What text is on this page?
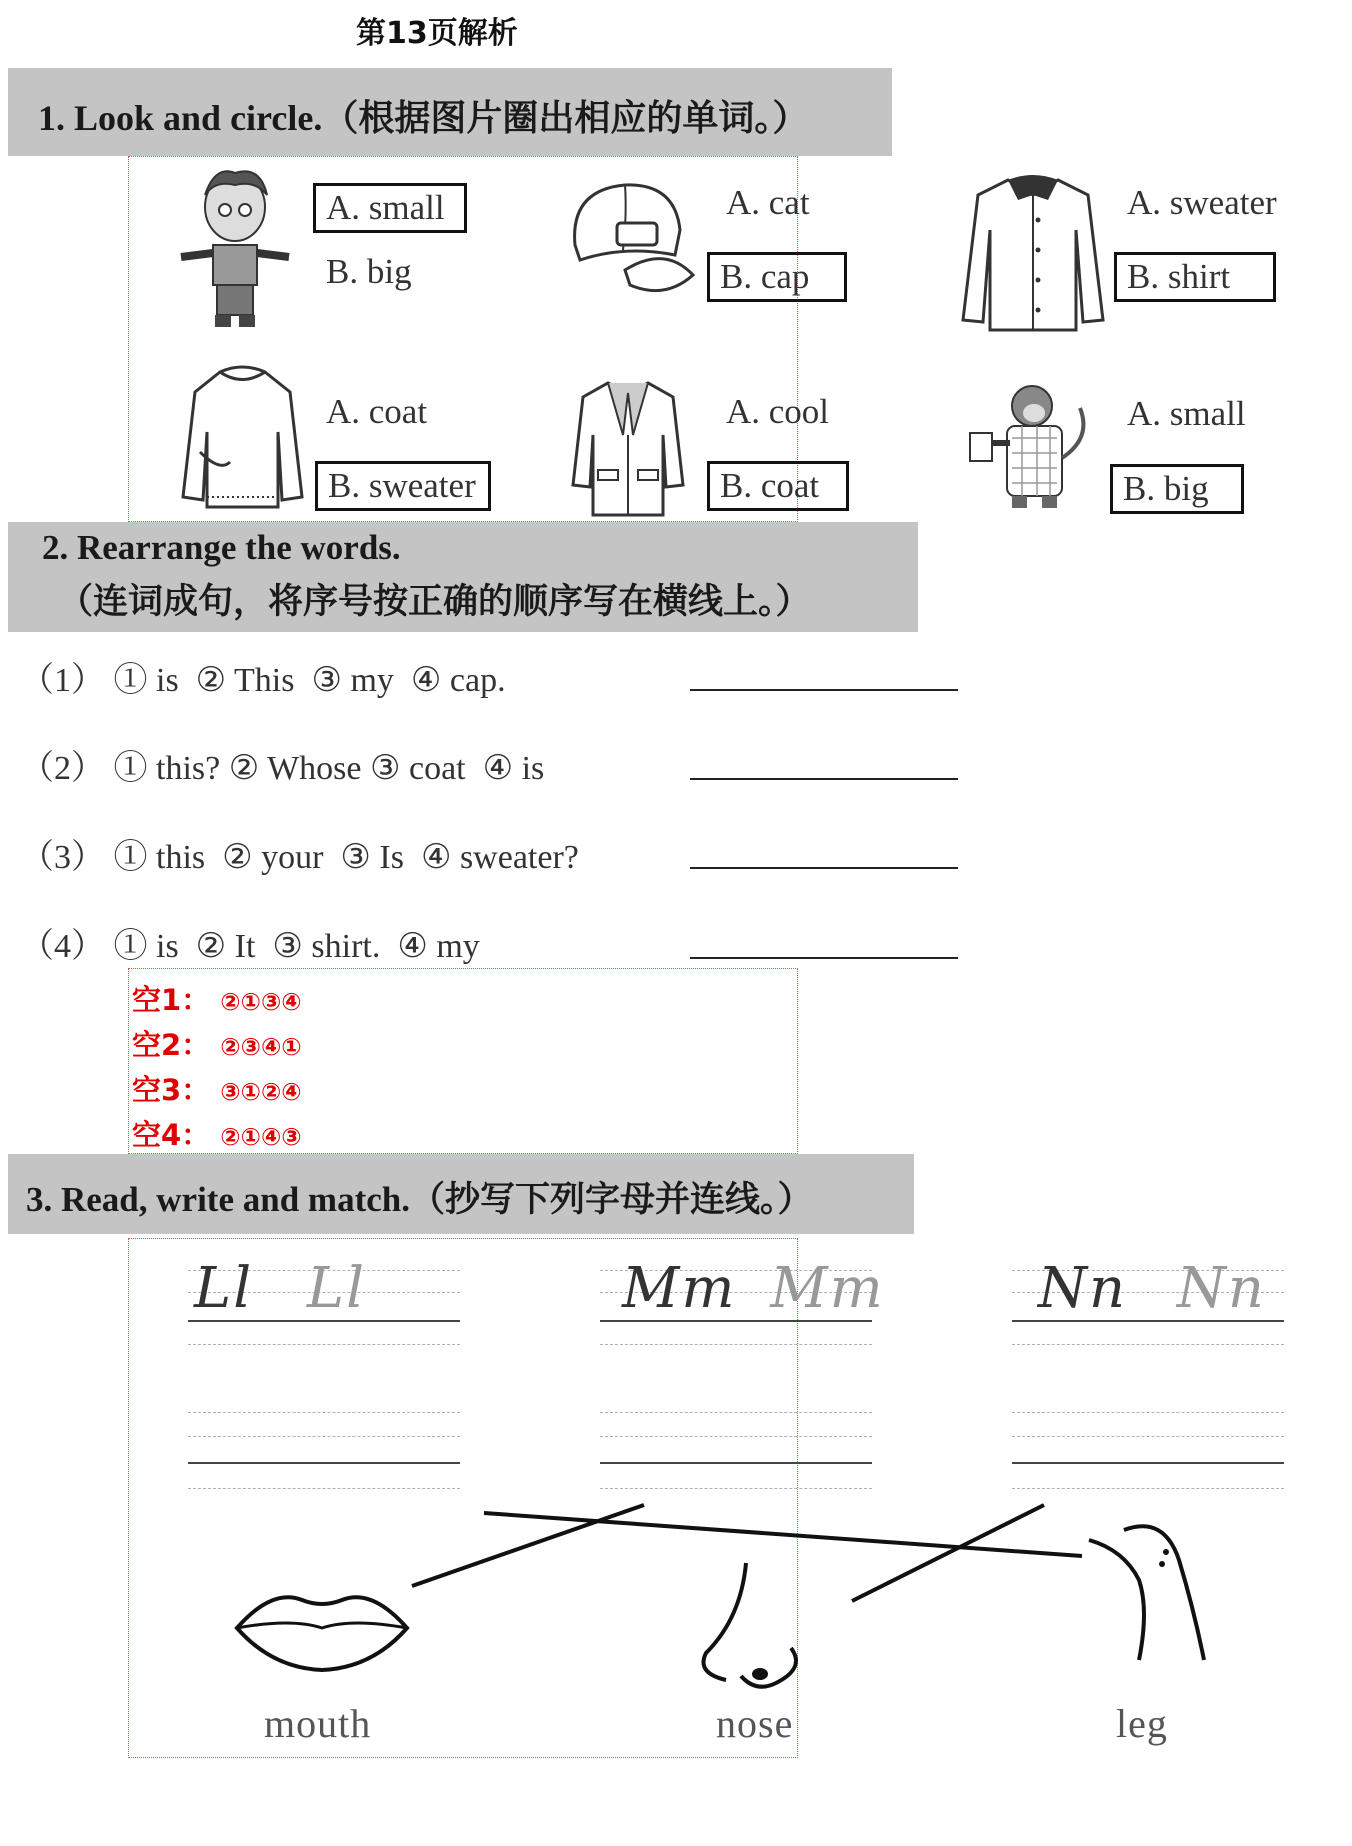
第13页解析
1. Look and circle.（根据图片圈出相应的单词。）
A. small
B. big
A. cat
B. cap
A. sweater
B. shirt
A. coat
B. sweater
A. cool
B. coat
A. small
B. big
2. Rearrange the words.
（连词成句，将序号按正确的顺序写在横线上。）
（1） ① is  ② This  ③ my  ④ cap.
（2） ① this? ② Whose ③ coat  ④ is
（3） ① this  ② your  ③ Is  ④ sweater?
（4） ① is  ② It  ③ shirt.  ④ my
空1： ②①③④
空2： ②③④①
空3： ③①②④
空4： ②①④③
3. Read, write and match.（抄写下列字母并连线。）
Ll Ll	Mm Mm	Nn Nn
mouth	nose	leg
